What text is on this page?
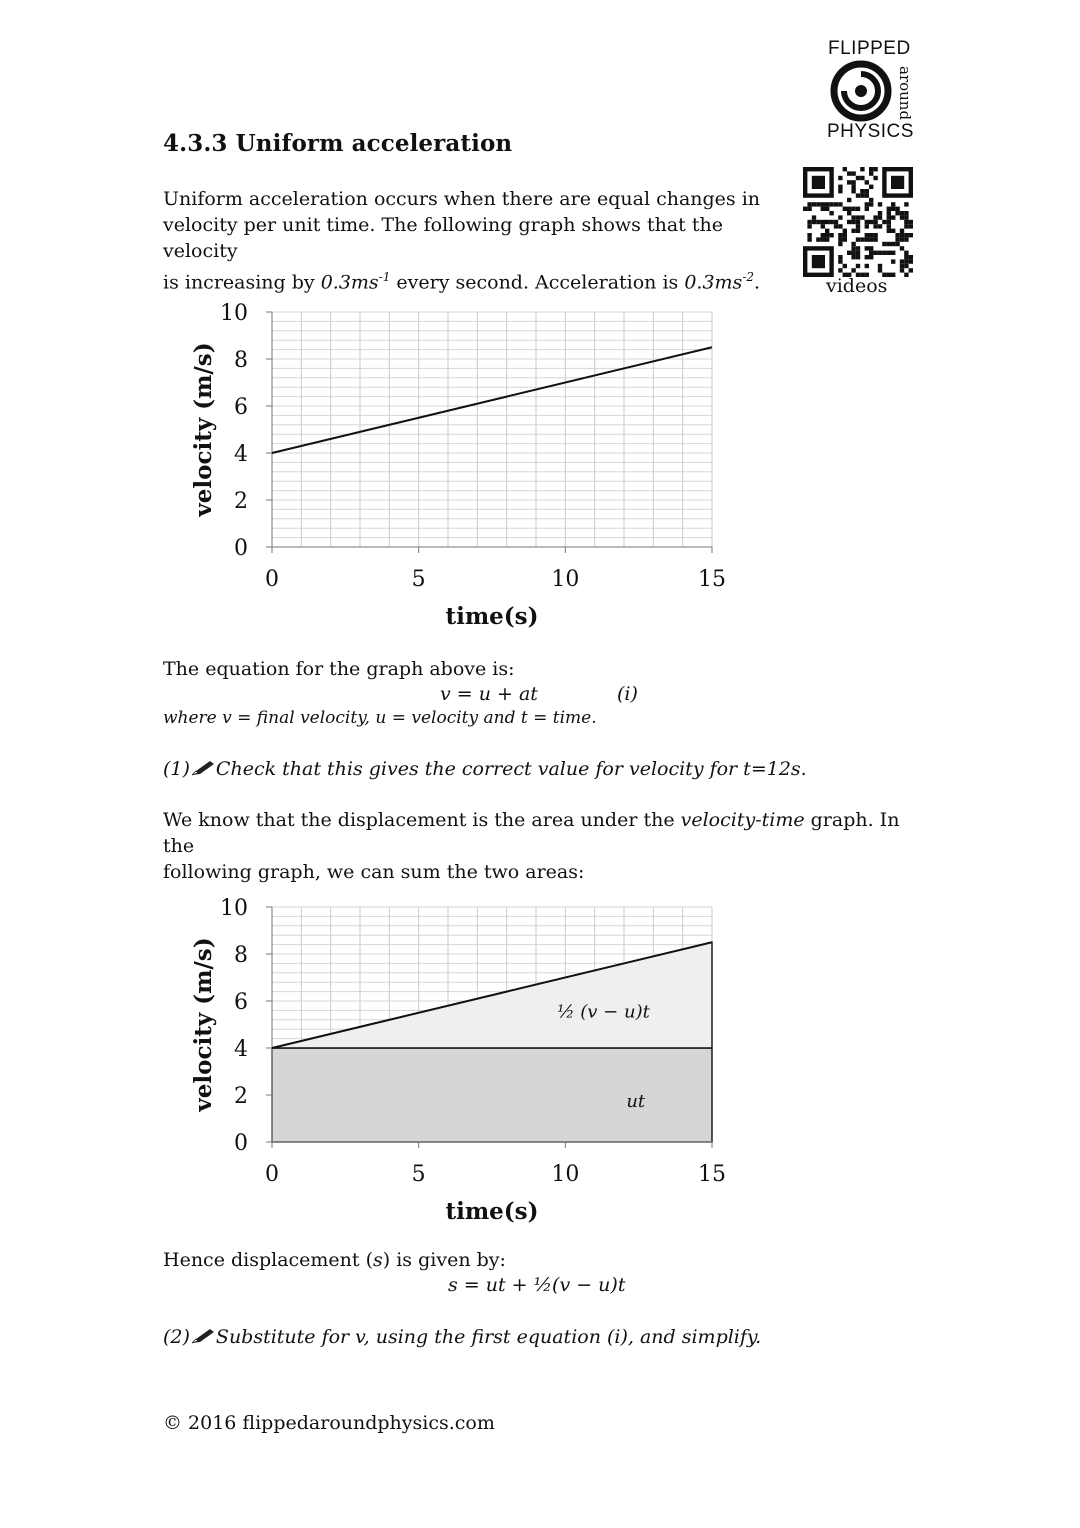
FLIPPED
around
PHYSICS
videos
4.3.3 Uniform acceleration
Uniform acceleration occurs when there are equal changes in
velocity per unit time. The following graph shows that the velocity
is increasing by $0.3ms^{-1}$ every second. Acceleration is $0.3ms^{-2}$.
0
2
4
6
8
10
0	5	10	15
time(s)
velocity (m/s)
The equation for the graph above is:
v = u + at	(i)
where v = final velocity, u = velocity and t = time.
(1) Check that this gives the correct value for velocity for t=12s.
We know that the displacement is the area under the velocity-time graph. In the
following graph, we can sum the two areas:
0
2
4
6
8
10
0	5	10	15
ut
½ (v − u)t
time(s)
velocity (m/s)
Hence displacement (s) is given by:
s = ut + ½(v − u)t
(2) Substitute for v, using the first equation (i), and simplify.
© 2016 flippedaroundphysics.com
